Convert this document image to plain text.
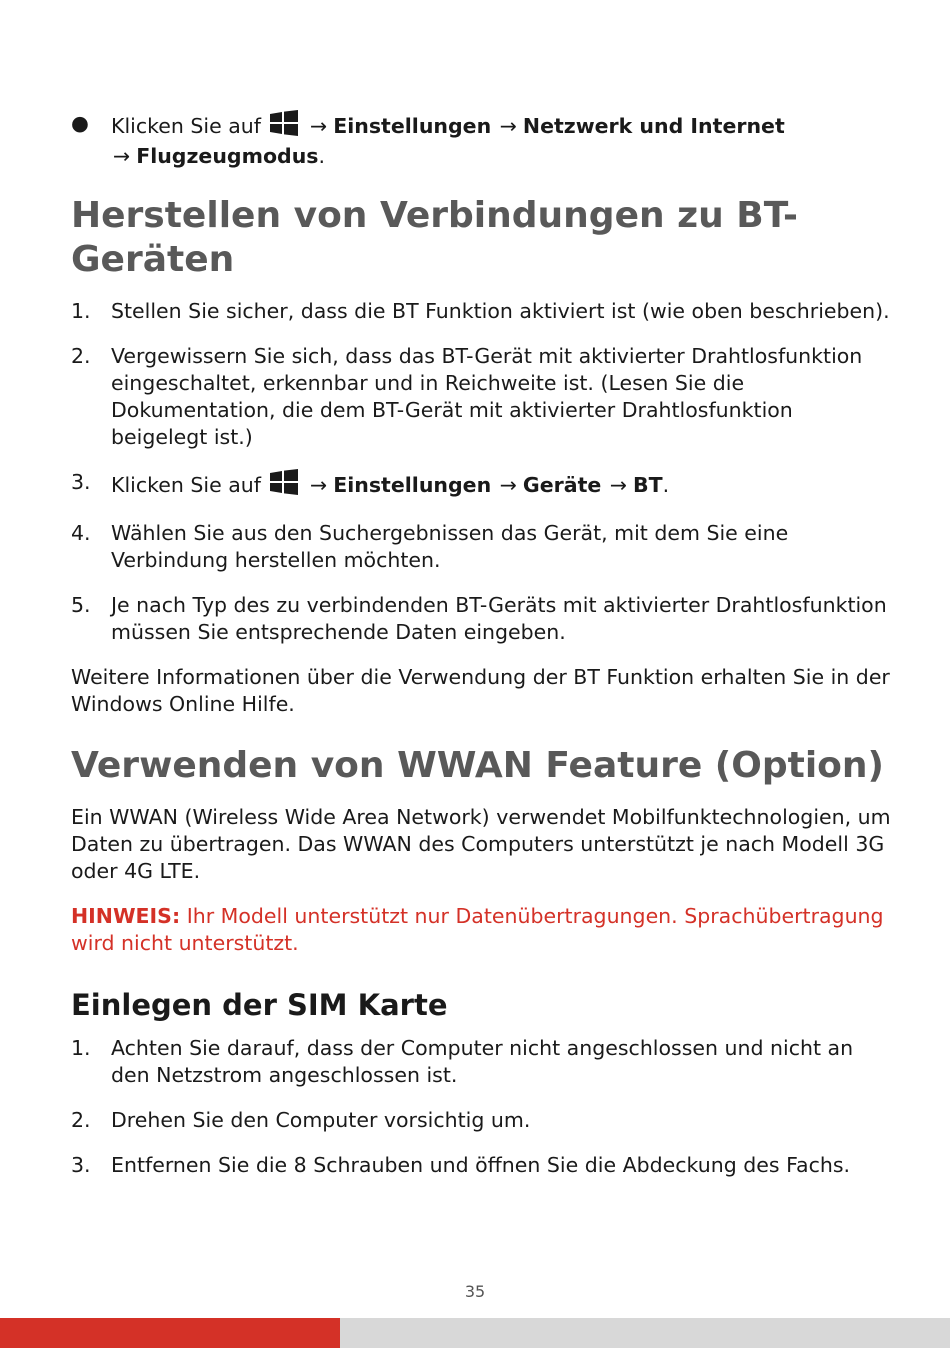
● Klicken Sie auf → Einstellungen → Netzwerk und Internet → Flugzeugmodus.
Herstellen von Verbindungen zu BT-Geräten
1. Stellen Sie sicher, dass die BT Funktion aktiviert ist (wie oben beschrieben).
2. Vergewissern Sie sich, dass das BT-Gerät mit aktivierter Drahtlosfunktion eingeschaltet, erkennbar und in Reichweite ist. (Lesen Sie die Dokumentation, die dem BT-Gerät mit aktivierter Drahtlosfunktion beigelegt ist.)
3. Klicken Sie auf → Einstellungen → Geräte → BT.
4. Wählen Sie aus den Suchergebnissen das Gerät, mit dem Sie eine Verbindung herstellen möchten.
5. Je nach Typ des zu verbindenden BT-Geräts mit aktivierter Drahtlosfunktion müssen Sie entsprechende Daten eingeben.

Weitere Informationen über die Verwendung der BT Funktion erhalten Sie in der Windows Online Hilfe.

Verwenden von WWAN Feature (Option)

Ein WWAN (Wireless Wide Area Network) verwendet Mobilfunktechnologien, um Daten zu übertragen. Das WWAN des Computers unterstützt je nach Modell 3G oder 4G LTE.

HINWEIS: Ihr Modell unterstützt nur Datenübertragungen. Sprachübertragung wird nicht unterstützt.

Einlegen der SIM Karte
1. Achten Sie darauf, dass der Computer nicht angeschlossen und nicht an den Netzstrom angeschlossen ist.
2. Drehen Sie den Computer vorsichtig um.
3. Entfernen Sie die 8 Schrauben und öffnen Sie die Abdeckung des Fachs.
35
